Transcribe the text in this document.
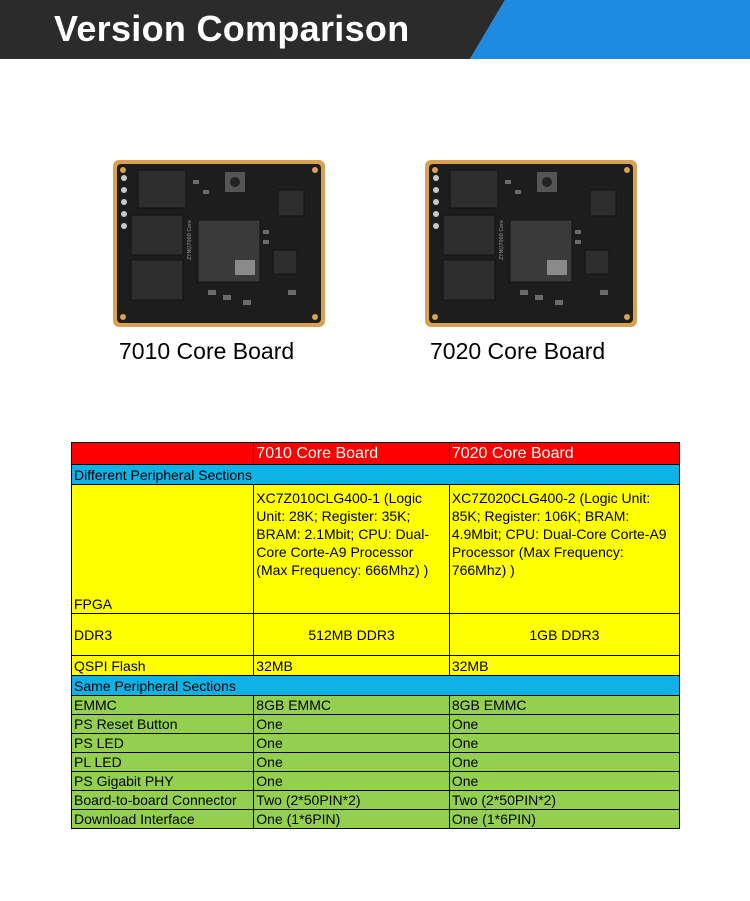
Version Comparison
ZYNQ7000 Core
7010 Core Board
ZYNQ7000 Core
7020 Core Board
	7010 Core Board	7020 Core Board
Different Peripheral Sections		
FPGA	XC7Z010CLG400-1 (Logic Unit: 28K; Register: 35K; BRAM: 2.1Mbit; CPU: Dual-Core Corte-A9 Processor (Max Frequency: 666Mhz) )	XC7Z020CLG400-2 (Logic Unit: 85K; Register: 106K; BRAM: 4.9Mbit; CPU: Dual-Core Corte-A9 Processor (Max Frequency: 766Mhz) )
DDR3	512MB DDR3	1GB DDR3
QSPI Flash	32MB	32MB
Same Peripheral Sections		
EMMC	8GB EMMC	8GB EMMC
PS Reset Button	One	One
PS LED	One	One
PL LED	One	One
PS Gigabit PHY	One	One
Board-to-board Connector	Two (2*50PIN*2)	Two (2*50PIN*2)
Download Interface	One (1*6PIN)	One (1*6PIN)
